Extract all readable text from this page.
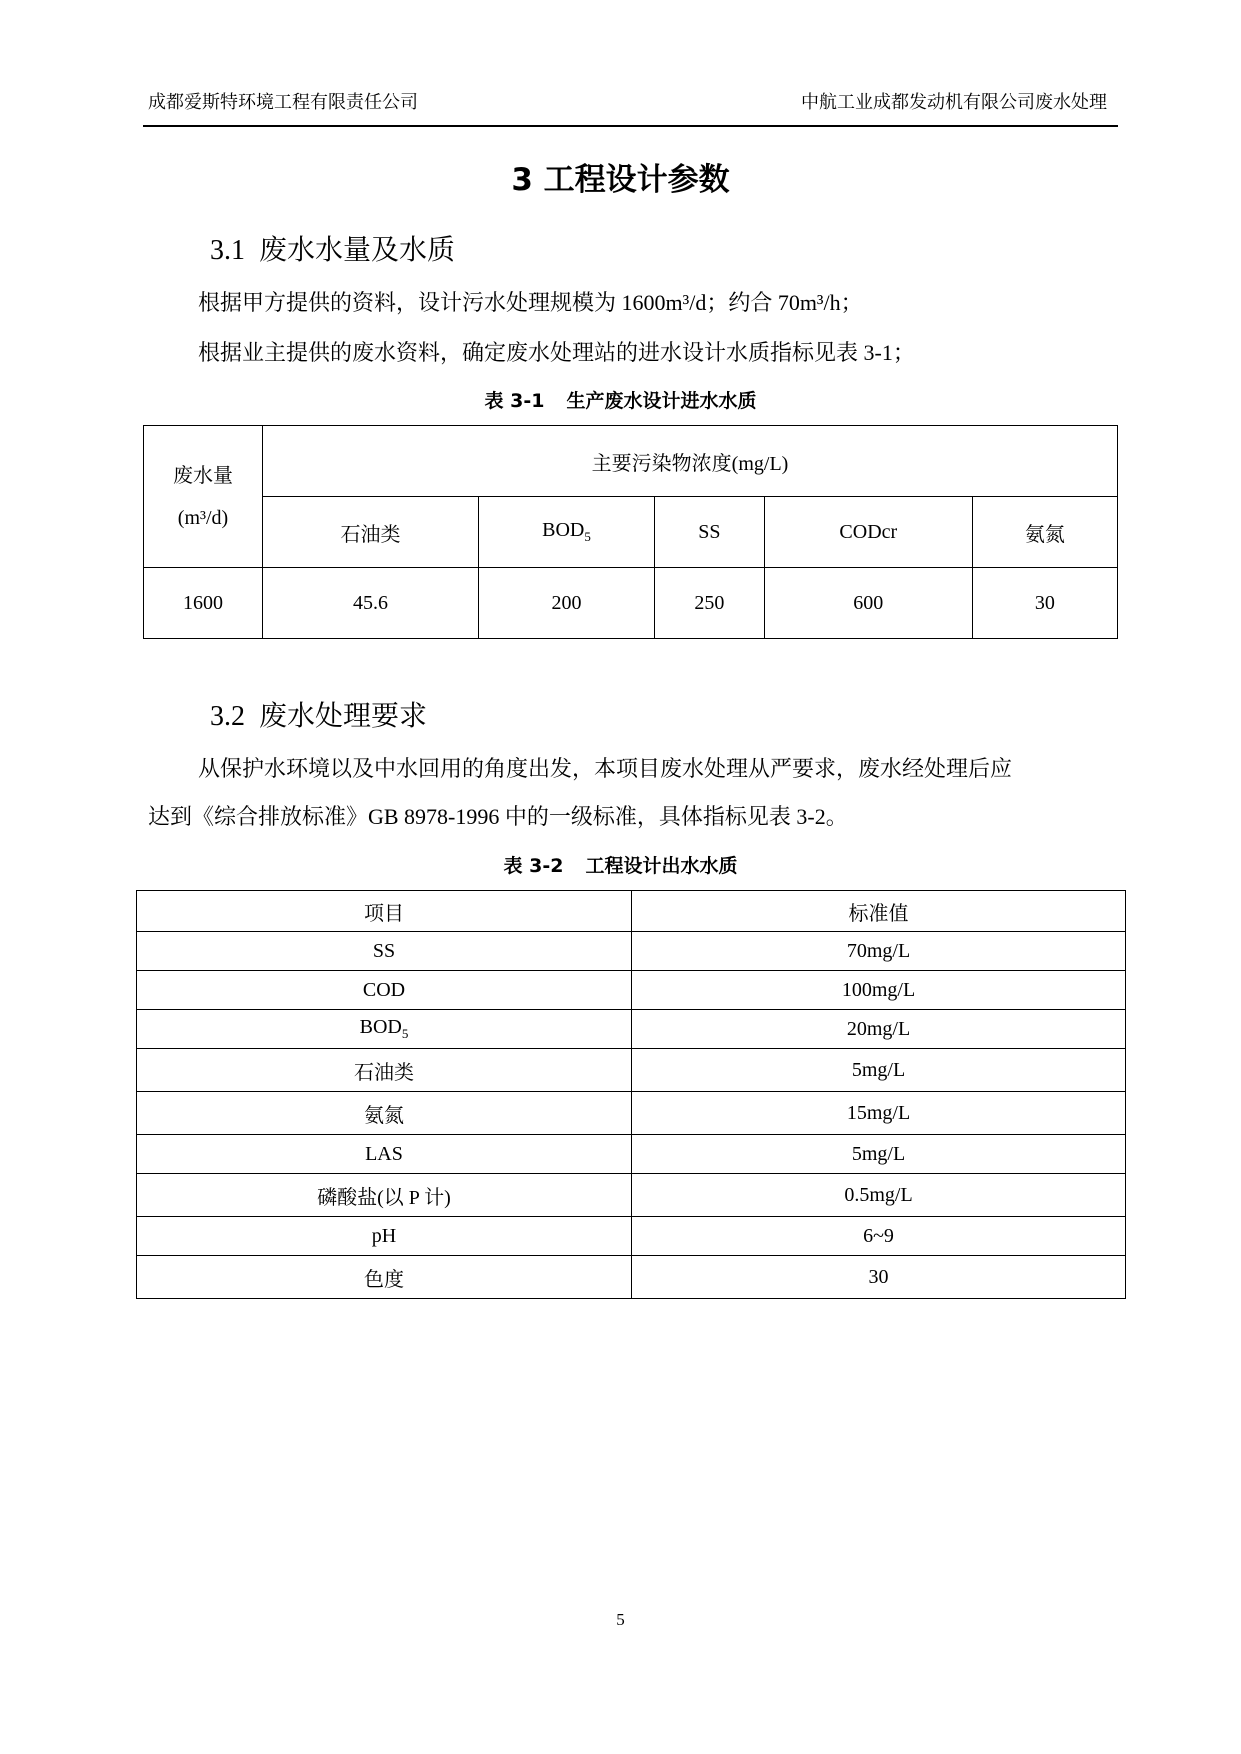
成都爱斯特环境工程有限责任公司	中航工业成都发动机有限公司废水处理
3 工程设计参数
3.1 废水水量及水质
根据甲方提供的资料，设计污水处理规模为 1600m³/d；约合 70m³/h；
根据业主提供的废水资料，确定废水处理站的进水设计水质指标见表 3-1；
表 3-1 生产废水设计进水水质
废水量
(m³/d)	主要污染物浓度(mg/L)				
	石油类	$BOD_5$	SS	CODcr	氨氮
1600	45.6	200	250	600	30
3.2 废水处理要求
从保护水环境以及中水回用的角度出发，本项目废水处理从严要求，废水经处理后应
达到《综合排放标准》GB 8978-1996 中的一级标准，具体指标见表 3-2。
表 3-2 工程设计出水水质
项目	标准值
SS	70mg/L
COD	100mg/L
$BOD_5$	20mg/L
石油类	5mg/L
氨氮	15mg/L
LAS	5mg/L
磷酸盐(以 P 计)	0.5mg/L
pH	6~9
色度	30
5
